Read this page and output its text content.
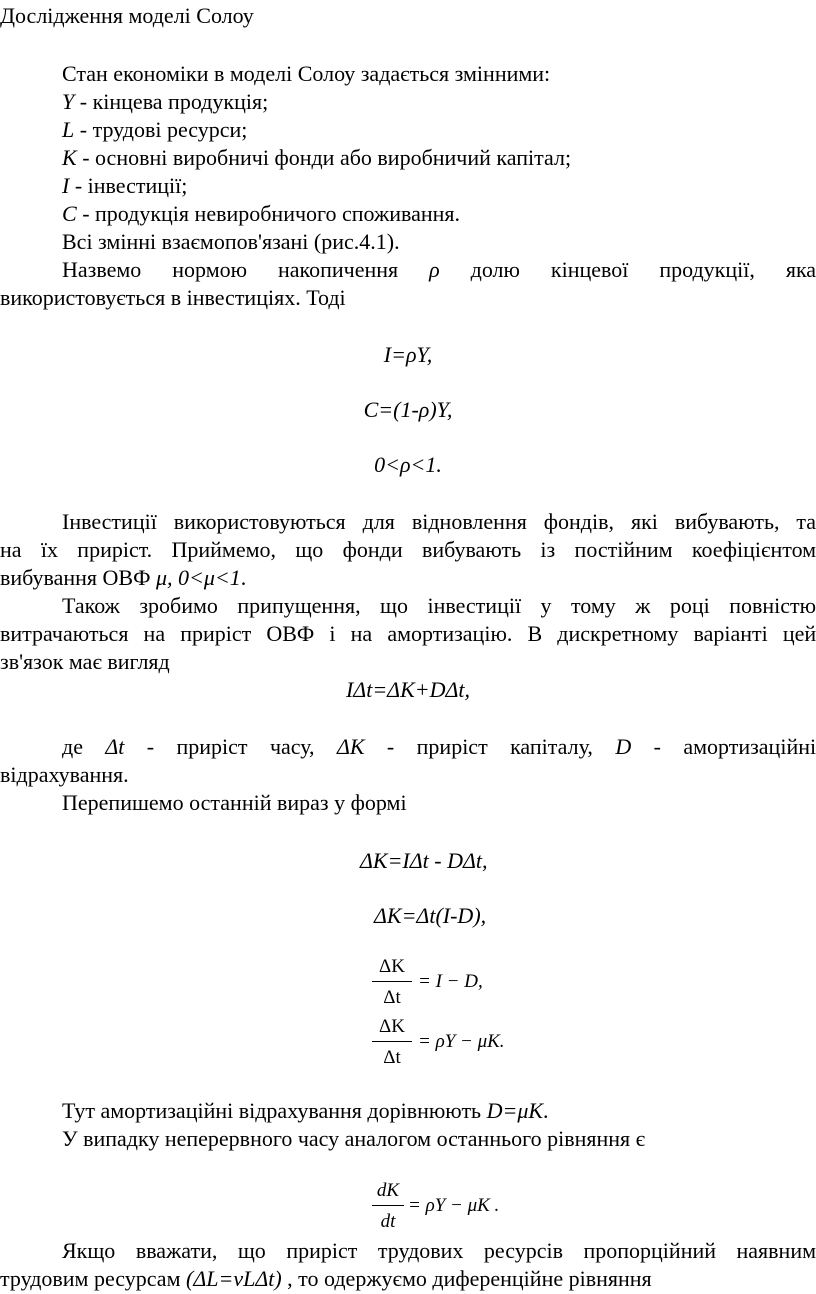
Дослідження моделі Солоу
Стан економіки в моделі Солоу задається змінними:
Y - кінцева продукція;
L - трудові ресурси;
K - основні виробничі фонди або виробничий капітал;
I - інвестиції;
C - продукція невиробничого споживання.
Всі змінні взаємопов'язані (рис.4.1).
Назвемо нормою накопичення ρ долю кінцевої продукції, яка
використовується в інвестиціях. Тоді
I=ρY,
C=(1-ρ)Y,
0<ρ<1.
Інвестиції використовуються для відновлення фондів, які вибувають, та
на їх приріст. Приймемо, що фонди вибувають із постійним коефіцієнтом
вибування ОВФ μ, 0<μ<1.
Також зробимо припущення, що інвестиції у тому ж році повністю
витрачаються на приріст ОВФ і на амортизацію. В дискретному варіанті цей
зв'язок має вигляд
IΔt=ΔK+DΔt,
де Δt - приріст часу, ΔK - приріст капіталу, D - амортизаційні
відрахування.
Перепишемо останній вираз у формі
ΔK=IΔt - DΔt,
ΔK=Δt(I-D),
ΔK
Δt
= I − D,
ΔK
Δt
= ρY − μK.
Тут амортизаційні відрахування дорівнюють D=μK.
У випадку неперервного часу аналогом останнього рівняння є
dK
dt
= ρY − μK .
Якщо вважати, що приріст трудових ресурсів пропорційний наявним
трудовим ресурсам (ΔL=νLΔt) , то одержуємо диференційне рівняння
